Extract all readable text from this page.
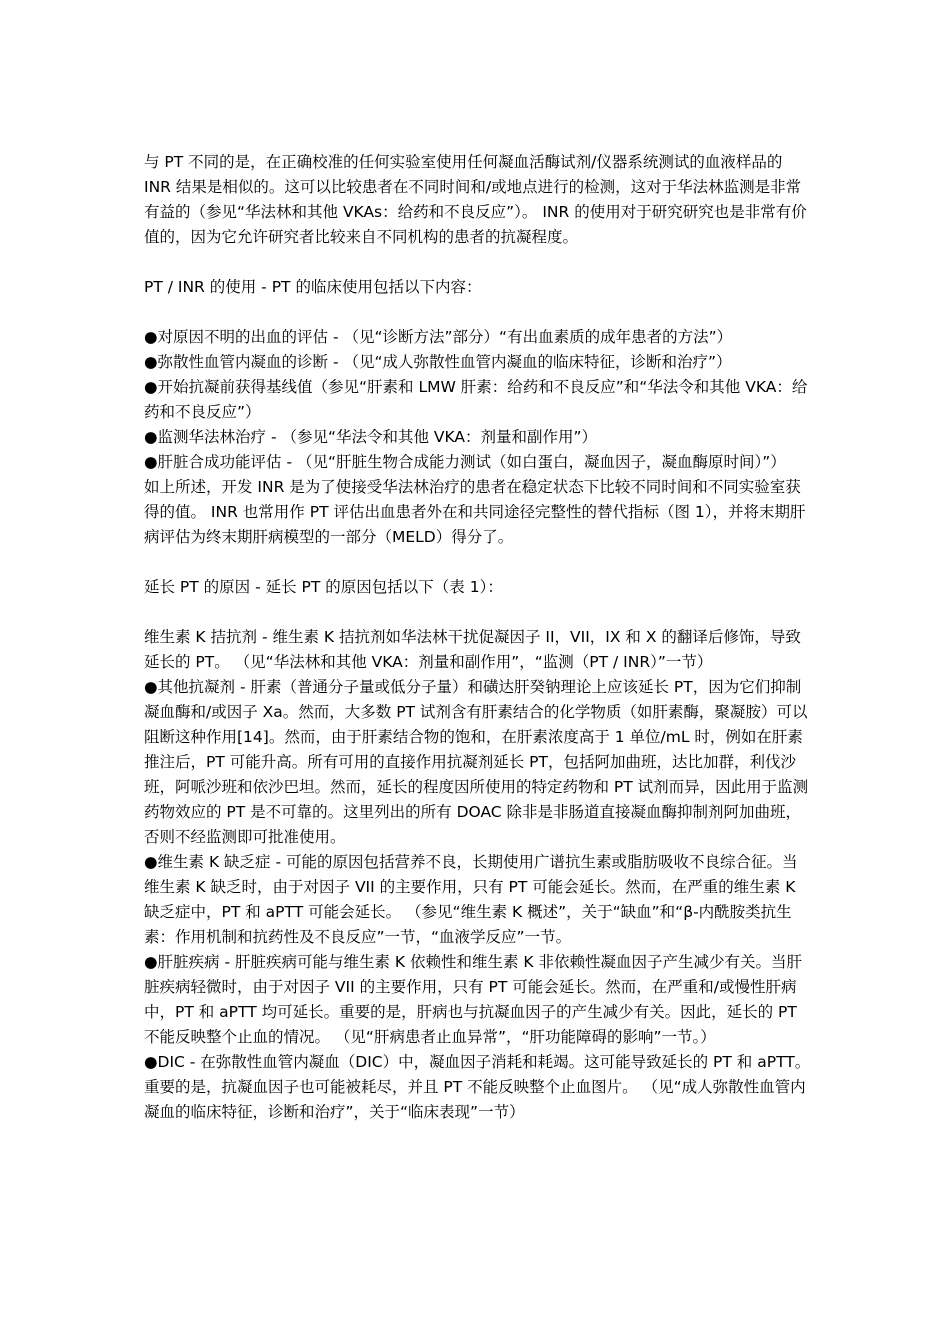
与 PT 不同的是，在正确校准的任何实验室使用任何凝血活酶试剂/仪器系统测试的血液样品的 INR 结果是相似的。这可以比较患者在不同时间和/或地点进行的检测，这对于华法林监测是非常有益的（参见“华法林和其他 VKAs：给药和不良反应”）。 INR 的使用对于研究研究也是非常有价值的，因为它允许研究者比较来自不同机构的患者的抗凝程度。

PT / INR 的使用 - PT 的临床使用包括以下内容：

●对原因不明的出血的评估 - （见“诊断方法”部分）“有出血素质的成年患者的方法”）

●弥散性血管内凝血的诊断 - （见“成人弥散性血管内凝血的临床特征，诊断和治疗”）

●开始抗凝前获得基线值（参见“肝素和 LMW 肝素：给药和不良反应”和“华法令和其他 VKA：给药和不良反应”）

●监测华法林治疗 - （参见“华法令和其他 VKA：剂量和副作用”）

●肝脏合成功能评估 - （见“肝脏生物合成能力测试（如白蛋白，凝血因子，凝血酶原时间）”）

如上所述，开发 INR 是为了使接受华法林治疗的患者在稳定状态下比较不同时间和不同实验室获得的值。 INR 也常用作 PT 评估出血患者外在和共同途径完整性的替代指标（图 1），并将末期肝病评估为终末期肝病模型的一部分（MELD）得分了。

延长 PT 的原因 - 延长 PT 的原因包括以下（表 1）：

维生素 K 拮抗剂 - 维生素 K 拮抗剂如华法林干扰促凝因子 II，VII，IX 和 X 的翻译后修饰，导致延长的 PT。 （见“华法林和其他 VKA：剂量和副作用”，“监测（PT / INR）”一节）

●其他抗凝剂 - 肝素（普通分子量或低分子量）和磺达肝癸钠理论上应该延长 PT，因为它们抑制凝血酶和/或因子 Xa。然而，大多数 PT 试剂含有肝素结合的化学物质（如肝素酶，聚凝胺）可以阻断这种作用[14]。然而，由于肝素结合物的饱和，在肝素浓度高于 1 单位/mL 时，例如在肝素推注后，PT 可能升高。所有可用的直接作用抗凝剂延长 PT，包括阿加曲班，达比加群，利伐沙班，阿哌沙班和依沙巴坦。然而，延长的程度因所使用的特定药物和 PT 试剂而异，因此用于监测药物效应的 PT 是不可靠的。这里列出的所有 DOAC 除非是非肠道直接凝血酶抑制剂阿加曲班，否则不经监测即可批准使用。

●维生素 K 缺乏症 - 可能的原因包括营养不良，长期使用广谱抗生素或脂肪吸收不良综合征。当维生素 K 缺乏时，由于对因子 VII 的主要作用，只有 PT 可能会延长。然而，在严重的维生素 K 缺乏症中，PT 和 aPTT 可能会延长。 （参见“维生素 K 概述”，关于“缺血”和“β-内酰胺类抗生素：作用机制和抗药性及不良反应”一节，“血液学反应”一节。

●肝脏疾病 - 肝脏疾病可能与维生素 K 依赖性和维生素 K 非依赖性凝血因子产生减少有关。当肝脏疾病轻微时，由于对因子 VII 的主要作用，只有 PT 可能会延长。然而，在严重和/或慢性肝病中，PT 和 aPTT 均可延长。重要的是，肝病也与抗凝血因子的产生减少有关。因此，延长的 PT 不能反映整个止血的情况。 （见“肝病患者止血异常”，“肝功能障碍的影响”一节。）

●DIC - 在弥散性血管内凝血（DIC）中，凝血因子消耗和耗竭。这可能导致延长的 PT 和 aPTT。重要的是，抗凝血因子也可能被耗尽，并且 PT 不能反映整个止血图片。 （见“成人弥散性血管内凝血的临床特征，诊断和治疗”，关于“临床表现”一节）
